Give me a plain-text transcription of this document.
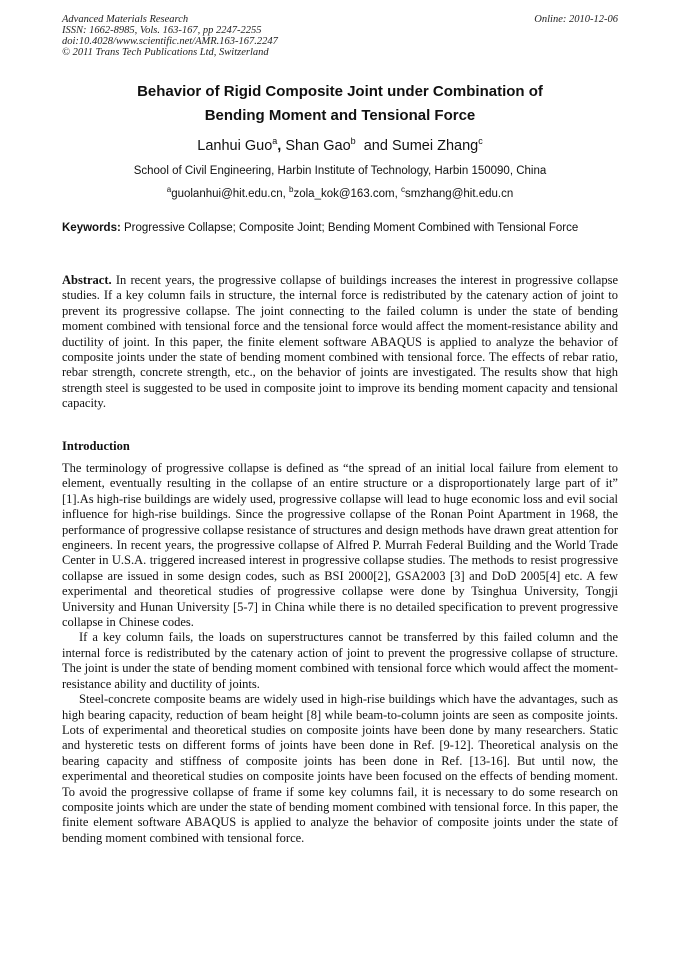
Advanced Materials Research
ISSN: 1662-8985, Vols. 163-167, pp 2247-2255
doi:10.4028/www.scientific.net/AMR.163-167.2247
© 2011 Trans Tech Publications Ltd, Switzerland
Online: 2010-12-06
Behavior of Rigid Composite Joint under Combination of
Bending Moment and Tensional Force
Lanhui Guo$^a$, Shan Gao$^b$  and Sumei Zhang$^c$
School of Civil Engineering, Harbin Institute of Technology, Harbin 150090, China
$^a$guolanhui@hit.edu.cn, $^b$zola_kok@163.com, $^c$smzhang@hit.edu.cn
Keywords: Progressive Collapse; Composite Joint; Bending Moment Combined with Tensional Force

Abstract. In recent years, the progressive collapse of buildings increases the interest in progressive collapse studies. If a key column fails in structure, the internal force is redistributed by the catenary action of joint to prevent its progressive collapse. The joint connecting to the failed column is under the state of bending moment combined with tensional force and the tensional force would affect the moment-resistance ability and ductility of joint. In this paper, the finite element software ABAQUS is applied to analyze the behavior of composite joints under the state of bending moment combined with tensional force. The effects of rebar ratio, rebar strength, concrete strength, etc., on the behavior of joints are investigated. The results show that high strength steel is suggested to be used in composite joint to improve its bending moment capacity and tensional capacity.

Introduction

The terminology of progressive collapse is defined as “the spread of an initial local failure from element to element, eventually resulting in the collapse of an entire structure or a disproportionately large part of it” [1].As high-rise buildings are widely used, progressive collapse will lead to huge economic loss and evil social influence for high-rise buildings. Since the progressive collapse of the Ronan Point Apartment in 1968, the performance of progressive collapse resistance of structures and design methods have drawn great attention for engineers. In recent years, the progressive collapse of Alfred P. Murrah Federal Building and the World Trade Center in U.S.A. triggered increased interest in progressive collapse studies. The methods to resist progressive collapse are issued in some design codes, such as BSI 2000[2], GSA2003 [3] and DoD 2005[4] etc. A few experimental and theoretical studies of progressive collapse were done by Tsinghua University, Tongji University and Hunan University [5-7] in China while there is no detailed specification to prevent progressive collapse in Chinese codes.

If a key column fails, the loads on superstructures cannot be transferred by this failed column and the internal force is redistributed by the catenary action of joint to prevent the progressive collapse of structure. The joint is under the state of bending moment combined with tensional force which would affect the moment-resistance ability and ductility of joints.

Steel-concrete composite beams are widely used in high-rise buildings which have the advantages, such as high bearing capacity, reduction of beam height [8] while beam-to-column joints are seen as composite joints. Lots of experimental and theoretical studies on composite joints have been done by many researchers. Static and hysteretic tests on different forms of joints have been done in Ref. [9-12]. Theoretical analysis on the bearing capacity and stiffness of composite joints has been done in Ref. [13-16]. But until now, the experimental and theoretical studies on composite joints have been focused on the effects of bending moment. To avoid the progressive collapse of frame if some key columns fail, it is necessary to do some research on composite joints which are under the state of bending moment combined with tensional force. In this paper, the finite element software ABAQUS is applied to analyze the behavior of composite joints under the state of bending moment combined with tensional force.
